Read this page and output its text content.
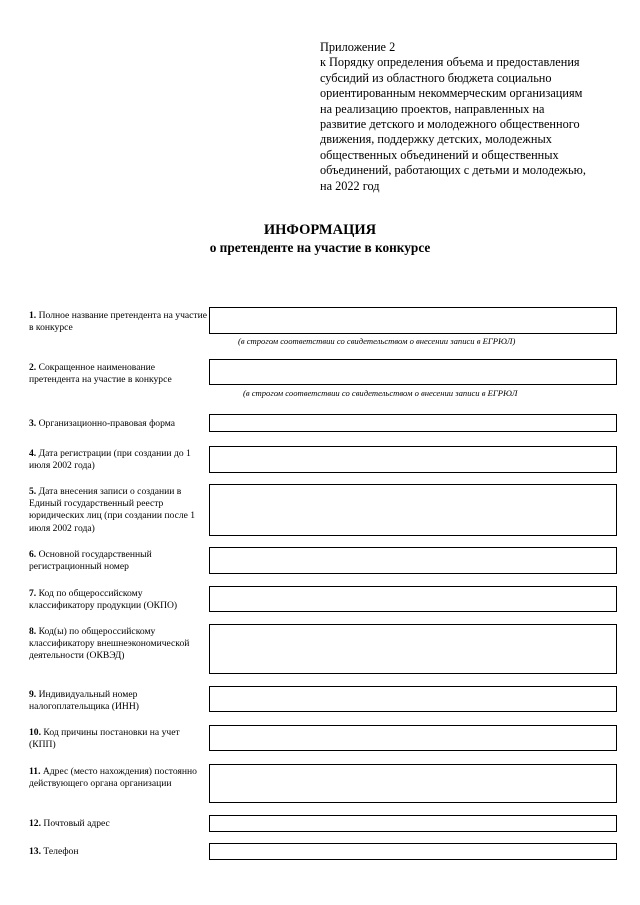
Приложение 2
к Порядку определения объема и предоставления
субсидий из областного бюджета социально
ориентированным некоммерческим организациям
на реализацию проектов, направленных на
развитие детского и молодежного общественного
движения, поддержку детских, молодежных
общественных объединений и общественных
объединений, работающих с детьми и молодежью,
на 2022 год
ИНФОРМАЦИЯ
о претенденте на участие в конкурсе
1. Полное название претендента на участие в конкурсе
(в строгом соответствии со свидетельством о внесении записи в ЕГРЮЛ)
2. Сокращенное наименование претендента на участие в конкурсе
(в строгом соответствии со свидетельством о внесении записи в ЕГРЮЛ
3. Организационно-правовая форма
4. Дата регистрации (при создании до 1 июля 2002 года)
5. Дата внесения записи о создании в Единый государственный реестр юридических лиц (при создании после 1 июля 2002 года)
6. Основной государственный регистрационный номер
7. Код по общероссийскому классификатору продукции (ОКПО)
8. Код(ы) по общероссийскому классификатору внешнеэкономической деятельности (ОКВЭД)
9. Индивидуальный номер налогоплательщика (ИНН)
10. Код причины постановки на учет (КПП)
11. Адрес (место нахождения) постоянно действующего органа организации
12. Почтовый адрес
13. Телефон
